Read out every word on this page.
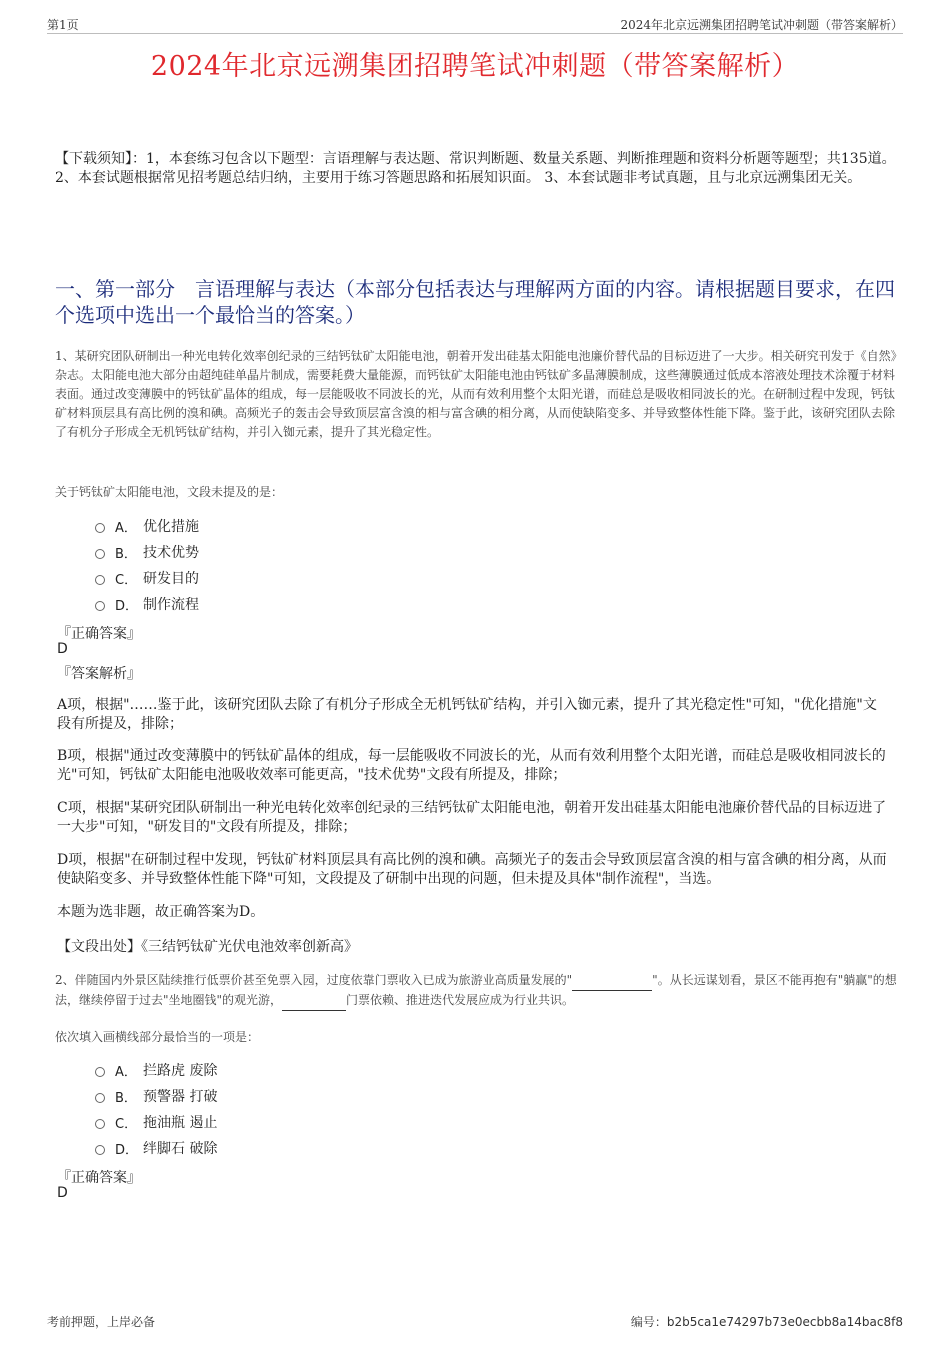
第1页	2024年北京远溯集团招聘笔试冲刺题（带答案解析）
2024年北京远溯集团招聘笔试冲刺题（带答案解析）
【下载须知】：1，本套练习包含以下题型：言语理解与表达题、常识判断题、数量关系题、判断推理题和资料分析题等题型；共135道。 2、本套试题根据常见招考题总结归纳，主要用于练习答题思路和拓展知识面。 3、本套试题非考试真题，且与北京远溯集团无关。
一、第一部分　言语理解与表达（本部分包括表达与理解两方面的内容。请根据题目要求，在四个选项中选出一个最恰当的答案。）
1、某研究团队研制出一种光电转化效率创纪录的三结钙钛矿太阳能电池，朝着开发出硅基太阳能电池廉价替代品的目标迈进了一大步。相关研究刊发于《自然》杂志。太阳能电池大部分由超纯硅单晶片制成，需要耗费大量能源，而钙钛矿太阳能电池由钙钛矿多晶薄膜制成，这些薄膜通过低成本溶液处理技术涂覆于材料表面。通过改变薄膜中的钙钛矿晶体的组成，每一层能吸收不同波长的光，从而有效利用整个太阳光谱，而硅总是吸收相同波长的光。在研制过程中发现，钙钛矿材料顶层具有高比例的溴和碘。高频光子的轰击会导致顶层富含溴的相与富含碘的相分离，从而使缺陷变多、并导致整体性能下降。鉴于此，该研究团队去除了有机分子形成全无机钙钛矿结构，并引入铷元素，提升了其光稳定性。
关于钙钛矿太阳能电池，文段未提及的是：
A． 优化措施
B． 技术优势
C． 研发目的
D． 制作流程
『正确答案』
D
『答案解析』
A项，根据"……鉴于此，该研究团队去除了有机分子形成全无机钙钛矿结构，并引入铷元素，提升了其光稳定性"可知，"优化措施"文段有所提及，排除；
B项，根据"通过改变薄膜中的钙钛矿晶体的组成，每一层能吸收不同波长的光，从而有效利用整个太阳光谱，而硅总是吸收相同波长的光"可知，钙钛矿太阳能电池吸收效率可能更高，"技术优势"文段有所提及，排除；
C项，根据"某研究团队研制出一种光电转化效率创纪录的三结钙钛矿太阳能电池，朝着开发出硅基太阳能电池廉价替代品的目标迈进了一大步"可知，"研发目的"文段有所提及，排除；
D项，根据"在研制过程中发现，钙钛矿材料顶层具有高比例的溴和碘。高频光子的轰击会导致顶层富含溴的相与富含碘的相分离，从而使缺陷变多、并导致整体性能下降"可知，文段提及了研制中出现的问题，但未提及具体"制作流程"，当选。
本题为选非题，故正确答案为D。
【文段出处】《三结钙钛矿光伏电池效率创新高》
2、伴随国内外景区陆续推行低票价甚至免票入园，过度依靠门票收入已成为旅游业高质量发展的"	"。从长远谋划看，景区不能再抱有"躺赢"的想法，继续停留于过去"坐地圈钱"的观光游，	门票依赖、推进迭代发展应成为行业共识。
依次填入画横线部分最恰当的一项是：
A． 拦路虎 废除
B． 预警器 打破
C． 拖油瓶 遏止
D． 绊脚石 破除
『正确答案』
D
考前押题，上岸必备	编号：b2b5ca1e74297b73e0ecbb8a14bac8f8
